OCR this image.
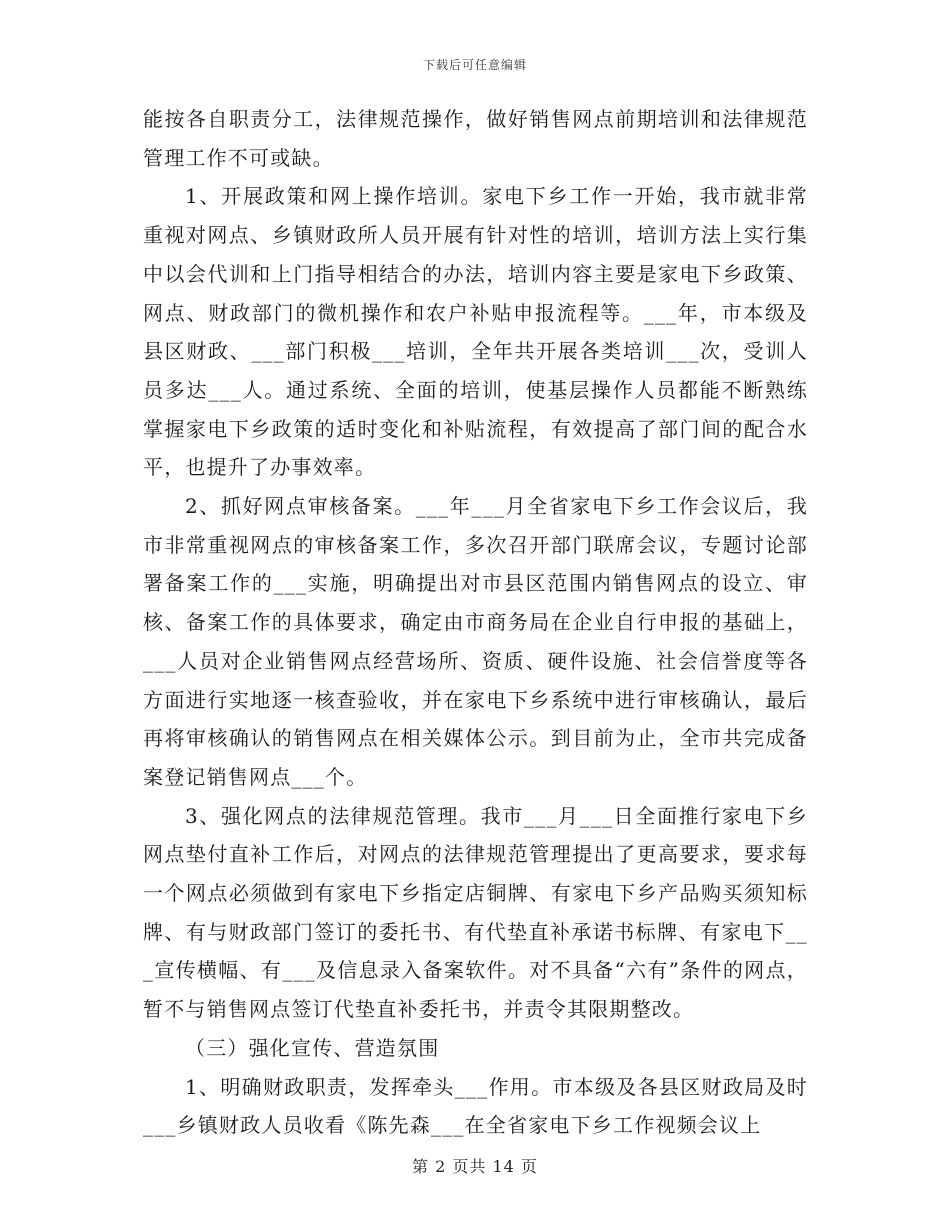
下载后可任意编辑

能按各自职责分工，法律规范操作，做好销售网点前期培训和法律规范管理工作不可或缺。

1、开展政策和网上操作培训。家电下乡工作一开始，我市就非常重视对网点、乡镇财政所人员开展有针对性的培训，培训方法上实行集中以会代训和上门指导相结合的办法，培训内容主要是家电下乡政策、网点、财政部门的微机操作和农户补贴申报流程等。___年，市本级及县区财政、___部门积极___培训，全年共开展各类培训___次，受训人员多达___人。通过系统、全面的培训，使基层操作人员都能不断熟练掌握家电下乡政策的适时变化和补贴流程，有效提高了部门间的配合水平，也提升了办事效率。

2、抓好网点审核备案。___年___月全省家电下乡工作会议后，我市非常重视网点的审核备案工作，多次召开部门联席会议，专题讨论部署备案工作的___实施，明确提出对市县区范围内销售网点的设立、审核、备案工作的具体要求，确定由市商务局在企业自行申报的基础上，___人员对企业销售网点经营场所、资质、硬件设施、社会信誉度等各方面进行实地逐一核查验收，并在家电下乡系统中进行审核确认，最后再将审核确认的销售网点在相关媒体公示。到目前为止，全市共完成备案登记销售网点___个。

3、强化网点的法律规范管理。我市___月___日全面推行家电下乡网点垫付直补工作后，对网点的法律规范管理提出了更高要求，要求每一个网点必须做到有家电下乡指定店铜牌、有家电下乡产品购买须知标牌、有与财政部门签订的委托书、有代垫直补承诺书标牌、有家电下___宣传横幅、有___及信息录入备案软件。对不具备“六有”条件的网点，暂不与销售网点签订代垫直补委托书，并责令其限期整改。

（三）强化宣传、营造氛围

1、明确财政职责，发挥牵头___作用。市本级及各县区财政局及时___乡镇财政人员收看《陈先森___在全省家电下乡工作视频会议上

第 2 页共 14 页
